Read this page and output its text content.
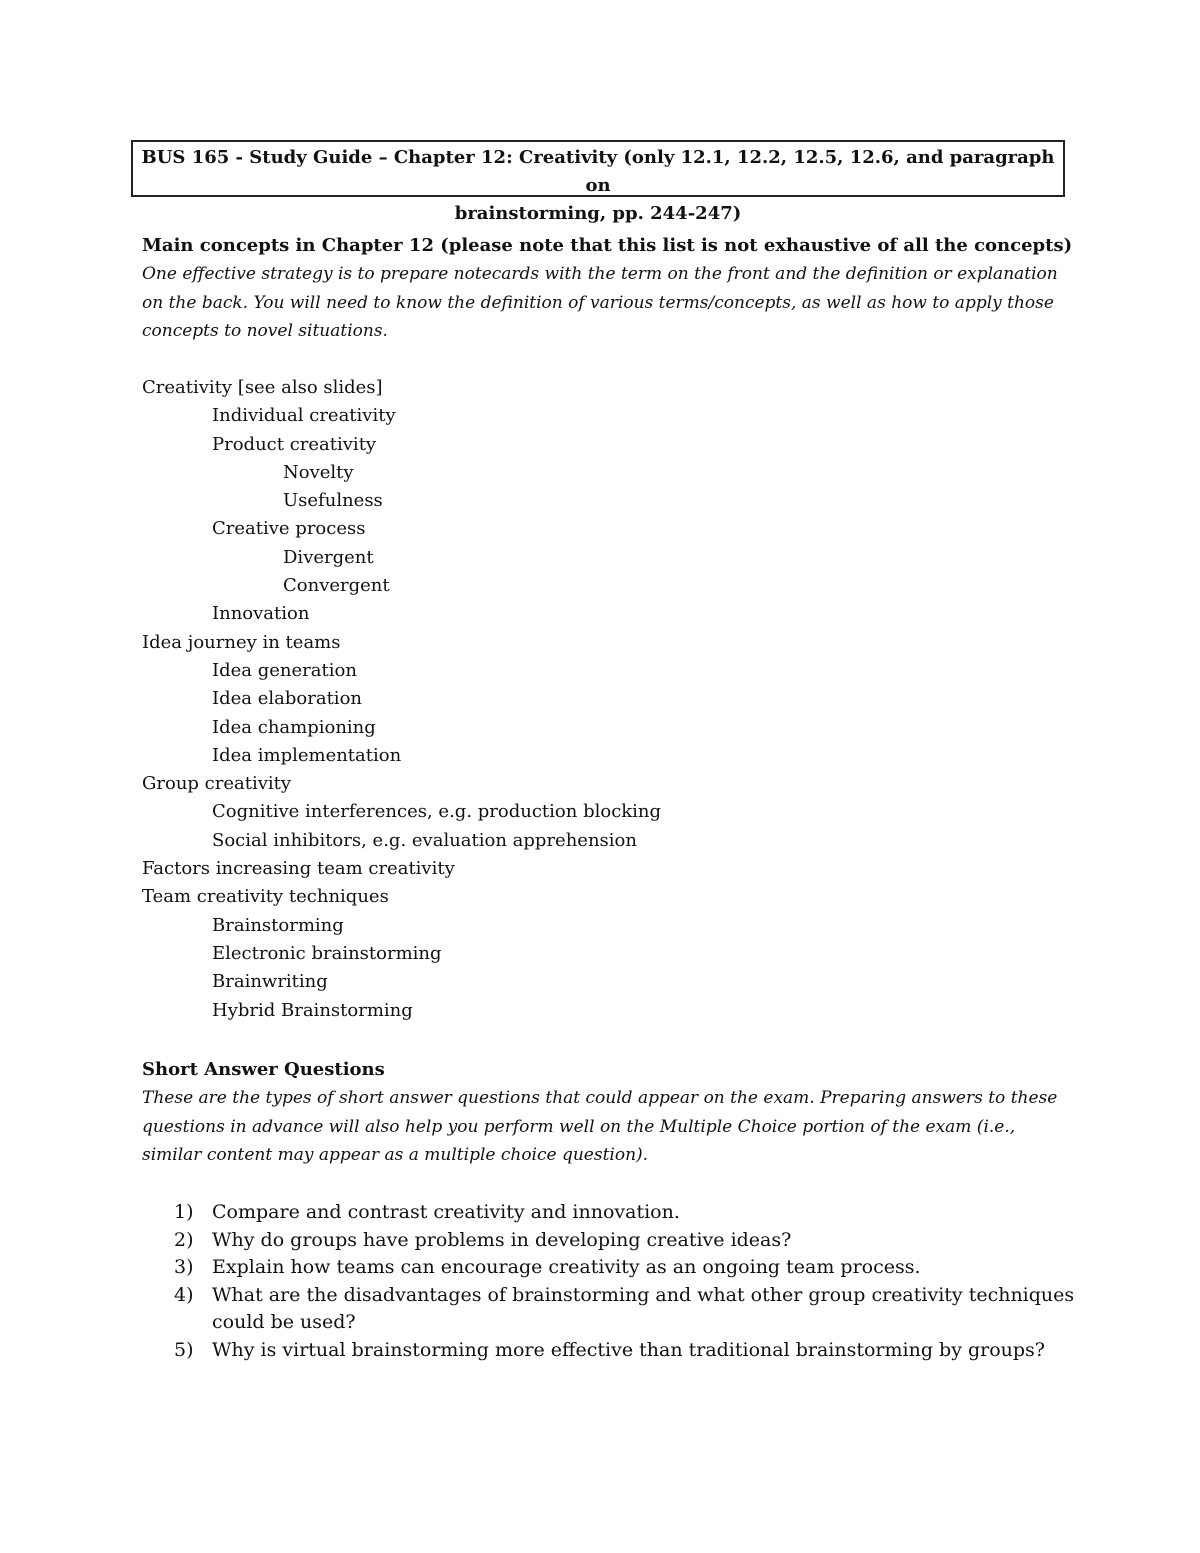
BUS 165 - Study Guide – Chapter 12: Creativity (only 12.1, 12.2, 12.5, 12.6, and paragraph on
brainstorming, pp. 244-247)
Main concepts in Chapter 12 (please note that this list is not exhaustive of all the concepts)
One effective strategy is to prepare notecards with the term on the front and the definition or explanation
on the back. You will need to know the definition of various terms/concepts, as well as how to apply those
concepts to novel situations.
Creativity [see also slides]
Individual creativity
Product creativity
Novelty
Usefulness
Creative process
Divergent
Convergent
Innovation
Idea journey in teams
Idea generation
Idea elaboration
Idea championing
Idea implementation
Group creativity
Cognitive interferences, e.g. production blocking
Social inhibitors, e.g. evaluation apprehension
Factors increasing team creativity
Team creativity techniques
Brainstorming
Electronic brainstorming
Brainwriting
Hybrid Brainstorming
Short Answer Questions
These are the types of short answer questions that could appear on the exam. Preparing answers to these
questions in advance will also help you perform well on the Multiple Choice portion of the exam (i.e.,
similar content may appear as a multiple choice question).
1) Compare and contrast creativity and innovation.
2) Why do groups have problems in developing creative ideas?
3) Explain how teams can encourage creativity as an ongoing team process.
4) What are the disadvantages of brainstorming and what other group creativity techniques
could be used?
5) Why is virtual brainstorming more effective than traditional brainstorming by groups?
